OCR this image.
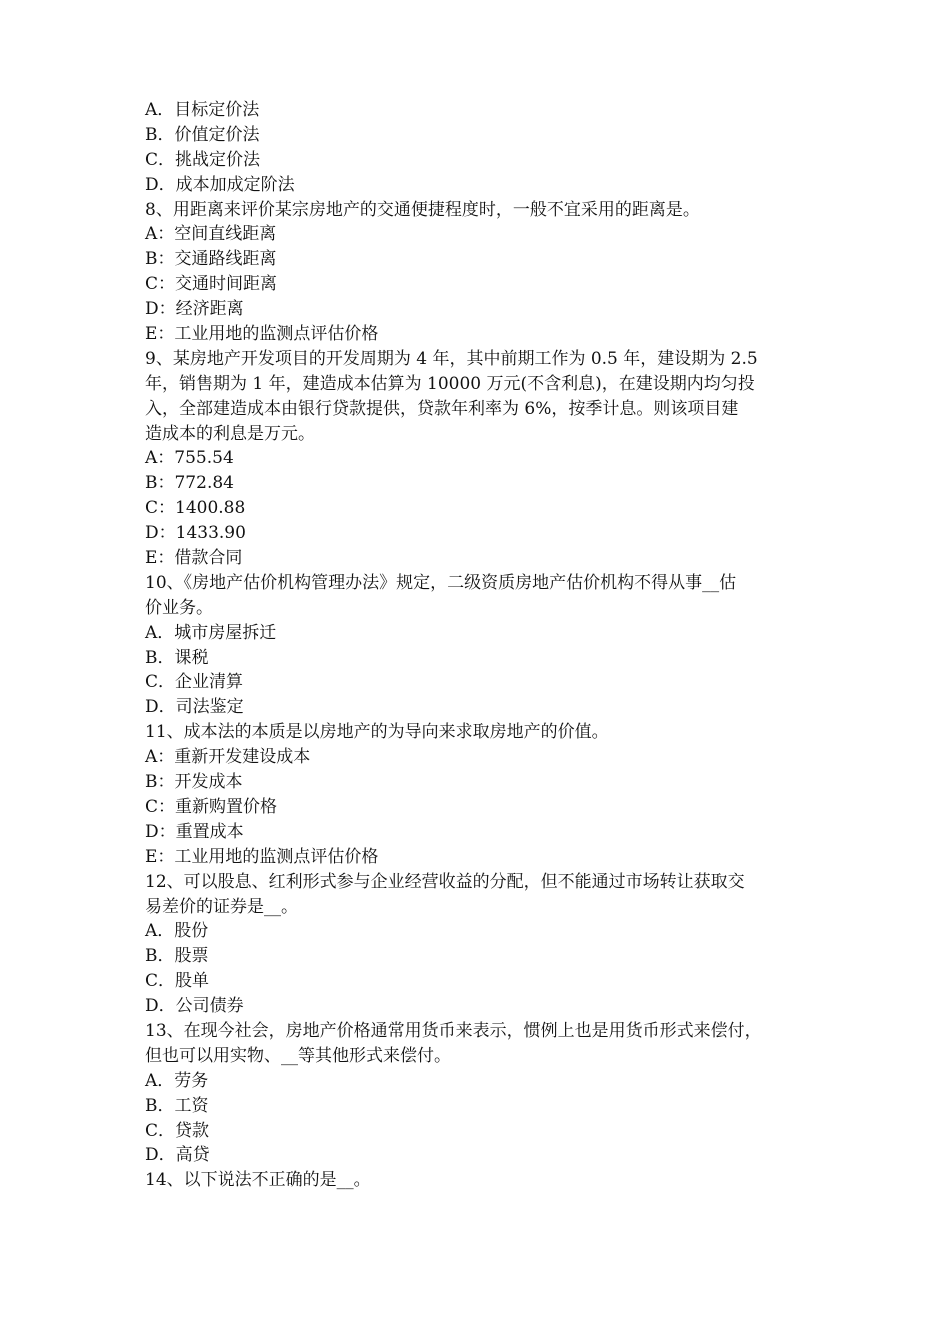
A．目标定价法
B．价值定价法
C．挑战定价法
D．成本加成定阶法
8、用距离来评价某宗房地产的交通便捷程度时，一般不宜采用的距离是。
A：空间直线距离
B：交通路线距离
C：交通时间距离
D：经济距离
E：工业用地的监测点评估价格
9、某房地产开发项目的开发周期为 4 年，其中前期工作为 0.5 年，建设期为 2.5
年，销售期为 1 年，建造成本估算为 10000 万元(不含利息)，在建设期内均匀投
入，全部建造成本由银行贷款提供，贷款年利率为 6%，按季计息。则该项目建
造成本的利息是万元。
A：755.54
B：772.84
C：1400.88
D：1433.90
E：借款合同
10、《房地产估价机构管理办法》规定，二级资质房地产估价机构不得从事__估
价业务。
A．城市房屋拆迁
B．课税
C．企业清算
D．司法鉴定
11、成本法的本质是以房地产的为导向来求取房地产的价值。
A：重新开发建设成本
B：开发成本
C：重新购置价格
D：重置成本
E：工业用地的监测点评估价格
12、可以股息、红利形式参与企业经营收益的分配，但不能通过市场转让获取交
易差价的证券是__。
A．股份
B．股票
C．股单
D．公司债券
13、在现今社会，房地产价格通常用货币来表示，惯例上也是用货币形式来偿付，
但也可以用实物、__等其他形式来偿付。
A．劳务
B．工资
C．贷款
D．高贷
14、以下说法不正确的是__。
